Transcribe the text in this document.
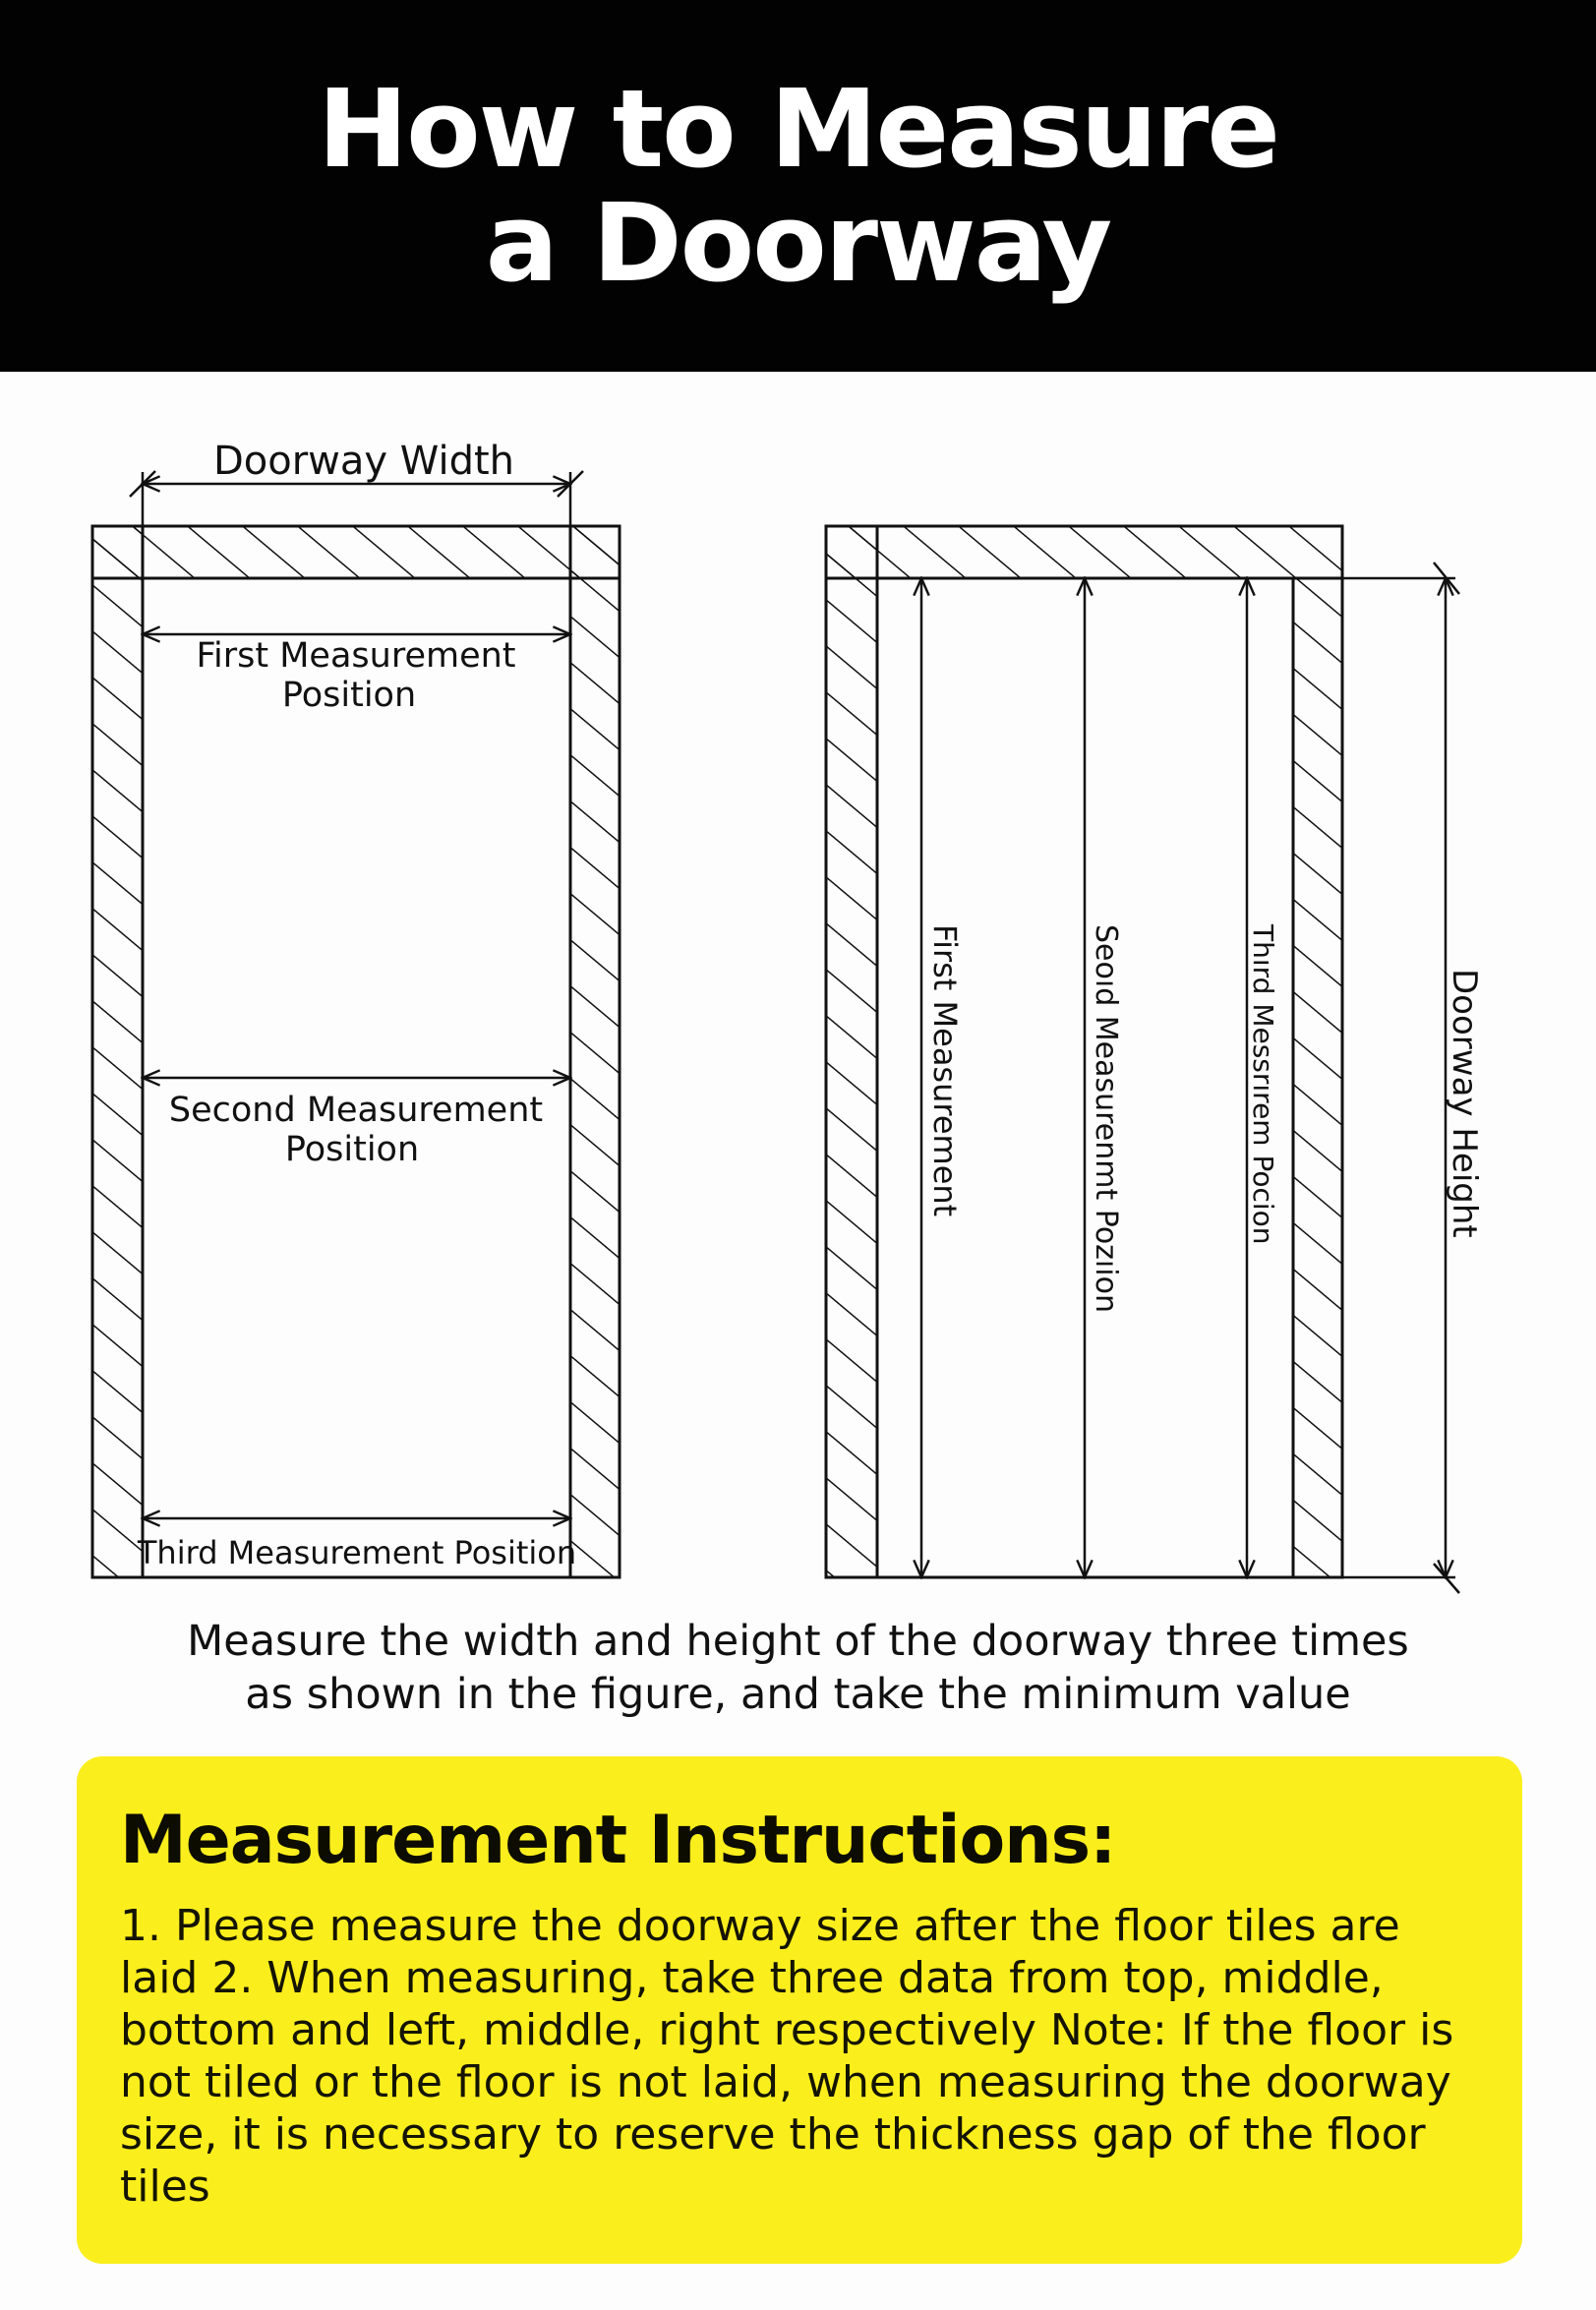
How to Measure
a Doorway
Doorway Width
First Measurement
Position
Second Measurement
Position
Third Measurement Position
First Measurement	Seoıd Measurenmt Pozıion	Thırd Messrırem Pocion	Doorway Height
Measure the width and height of the doorway three times
as shown in the figure, and take the minimum value
Measurement Instructions:

1. Please measure the doorway size after the floor tiles are laid 2. When measuring, take three data from top, middle, bottom and left, middle, right respectively Note: If the floor is not tiled or the floor is not laid, when measuring the doorway size, it is necessary to reserve the thickness gap of the floor tiles
